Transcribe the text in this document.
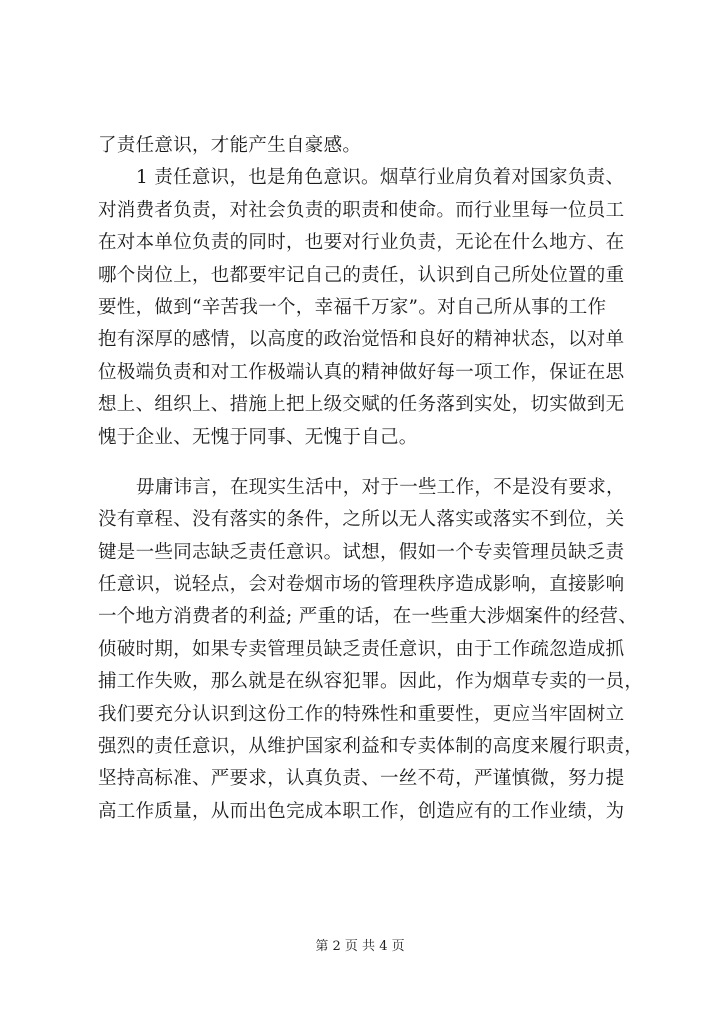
了责任意识，才能产生自豪感。
1 责任意识，也是角色意识。烟草行业肩负着对国家负责、
对消费者负责，对社会负责的职责和使命。而行业里每一位员工
在对本单位负责的同时，也要对行业负责，无论在什么地方、在
哪个岗位上，也都要牢记自己的责任，认识到自己所处位置的重
要性，做到“辛苦我一个，幸福千万家”。对自己所从事的工作
抱有深厚的感情，以高度的政治觉悟和良好的精神状态，以对单
位极端负责和对工作极端认真的精神做好每一项工作，保证在思
想上、组织上、措施上把上级交赋的任务落到实处，切实做到无
愧于企业、无愧于同事、无愧于自己。
毋庸讳言，在现实生活中，对于一些工作，不是没有要求，
没有章程、没有落实的条件，之所以无人落实或落实不到位，关
键是一些同志缺乏责任意识。试想，假如一个专卖管理员缺乏责
任意识，说轻点，会对卷烟市场的管理秩序造成影响，直接影响
一个地方消费者的利益; 严重的话，在一些重大涉烟案件的经营、
侦破时期，如果专卖管理员缺乏责任意识，由于工作疏忽造成抓
捕工作失败，那么就是在纵容犯罪。因此，作为烟草专卖的一员，
我们要充分认识到这份工作的特殊性和重要性，更应当牢固树立
强烈的责任意识，从维护国家利益和专卖体制的高度来履行职责，
坚持高标准、严要求，认真负责、一丝不苟，严谨慎微，努力提
高工作质量，从而出色完成本职工作，创造应有的工作业绩，为
第 2 页 共 4 页
